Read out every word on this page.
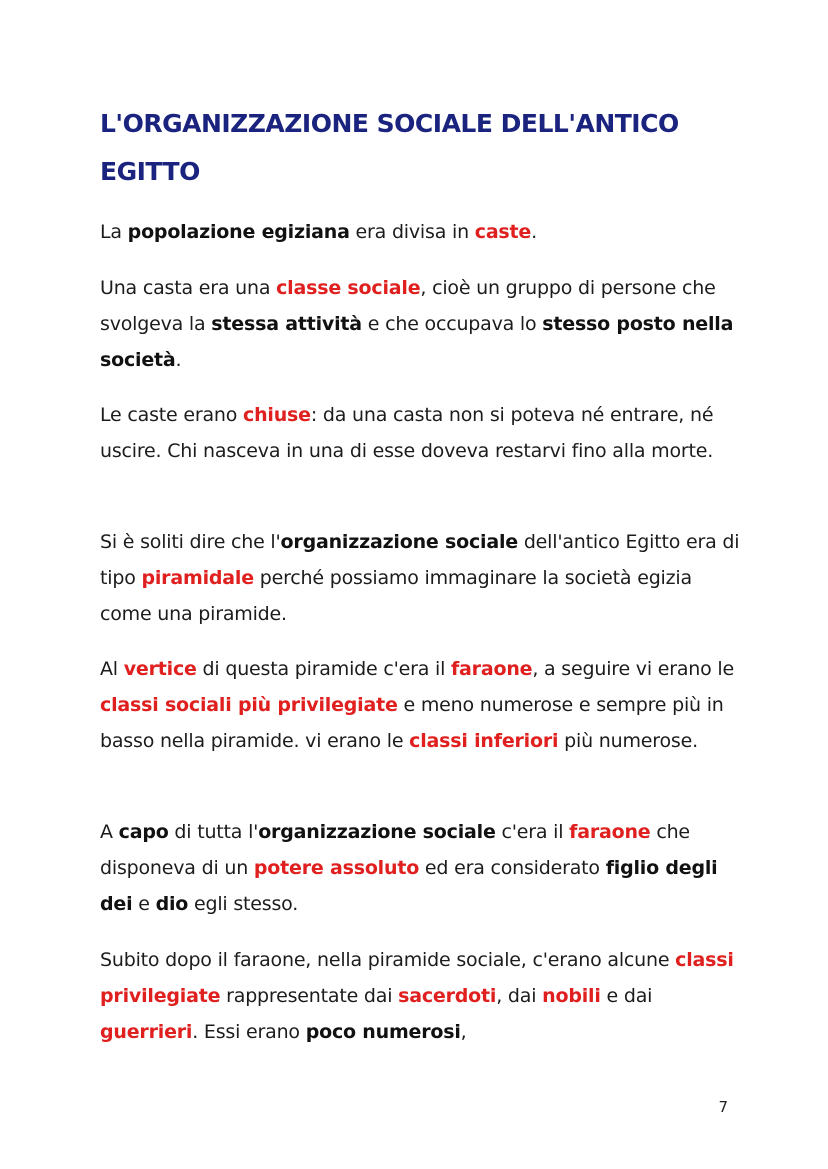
L'ORGANIZZAZIONE SOCIALE DELL'ANTICO EGITTO

La popolazione egiziana era divisa in caste.

Una casta era una classe sociale, cioè un gruppo di persone che svolgeva la stessa attività e che occupava lo stesso posto nella società.

Le caste erano chiuse: da una casta non si poteva né entrare, né uscire. Chi nasceva in una di esse doveva restarvi fino alla morte.

Si è soliti dire che l'organizzazione sociale dell'antico Egitto era di tipo piramidale perché possiamo immaginare la società egizia come una piramide.

Al vertice di questa piramide c'era il faraone, a seguire vi erano le classi sociali più privilegiate e meno numerose e sempre più in basso nella piramide. vi erano le classi inferiori più numerose.

A capo di tutta l'organizzazione sociale c'era il faraone che disponeva di un potere assoluto ed era considerato figlio degli dei e dio egli stesso.

Subito dopo il faraone, nella piramide sociale, c'erano alcune classi privilegiate rappresentate dai sacerdoti, dai nobili e dai guerrieri. Essi erano poco numerosi,

7
